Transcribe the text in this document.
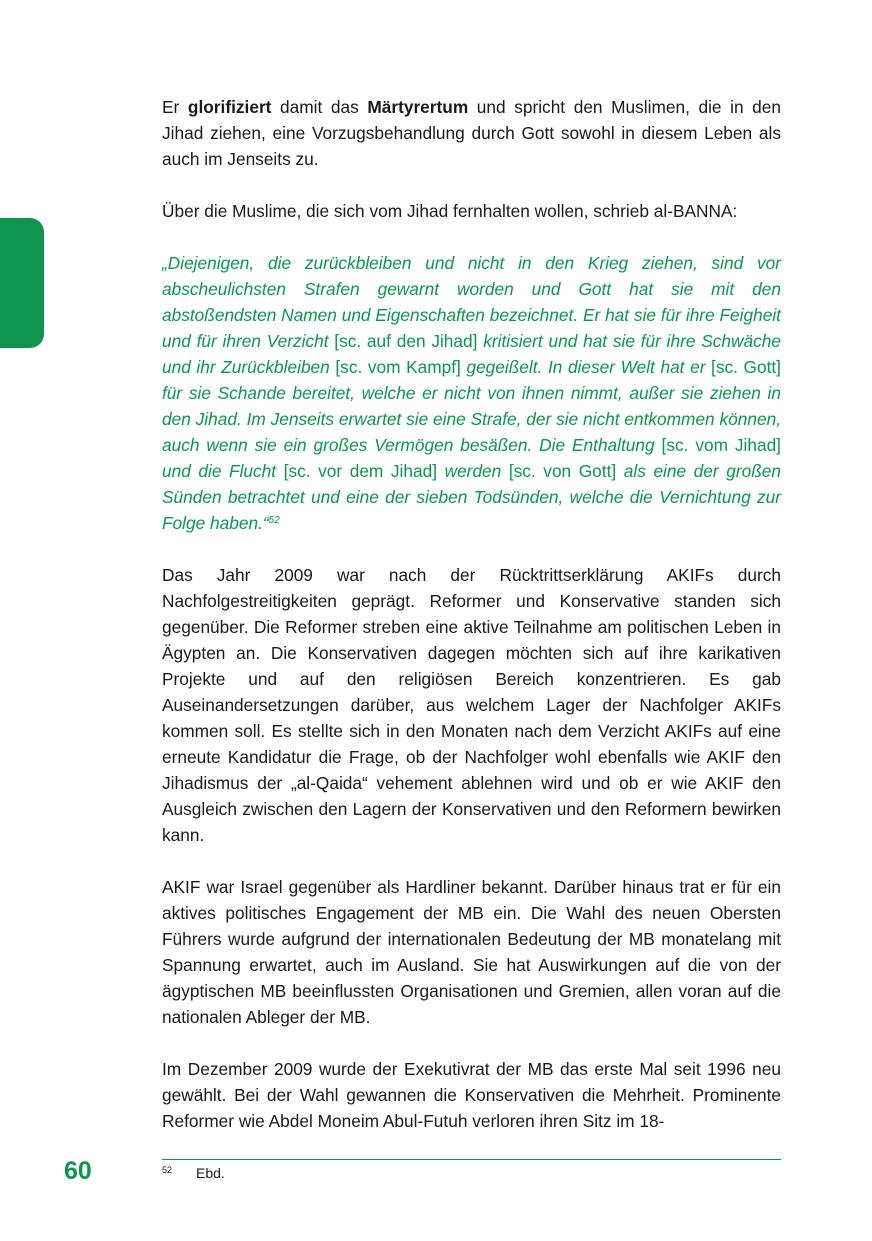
Er glorifiziert damit das Märtyrertum und spricht den Muslimen, die in den Jihad ziehen, eine Vorzugsbehandlung durch Gott sowohl in diesem Leben als auch im Jenseits zu.

Über die Muslime, die sich vom Jihad fernhalten wollen, schrieb al-BANNA:

„Diejenigen, die zurückbleiben und nicht in den Krieg ziehen, sind vor abscheulichsten Strafen gewarnt worden und Gott hat sie mit den abstoßendsten Namen und Eigenschaften bezeichnet. Er hat sie für ihre Feigheit und für ihren Verzicht [sc. auf den Jihad] kritisiert und hat sie für ihre Schwäche und ihr Zurückbleiben [sc. vom Kampf] gegeißelt. In dieser Welt hat er [sc. Gott] für sie Schande bereitet, welche er nicht von ihnen nimmt, außer sie ziehen in den Jihad. Im Jenseits erwartet sie eine Strafe, der sie nicht entkommen können, auch wenn sie ein großes Vermögen besäßen. Die Enthaltung [sc. vom Jihad] und die Flucht [sc. vor dem Jihad] werden [sc. von Gott] als eine der großen Sünden betrachtet und eine der sieben Todsünden, welche die Vernichtung zur Folge haben.“$^{52}$

Das Jahr 2009 war nach der Rücktrittserklärung AKIFs durch Nachfolgestreitigkeiten geprägt. Reformer und Konservative standen sich gegenüber. Die Reformer streben eine aktive Teilnahme am politischen Leben in Ägypten an. Die Konservativen dagegen möchten sich auf ihre karikativen Projekte und auf den religiösen Bereich konzentrieren. Es gab Auseinandersetzungen darüber, aus welchem Lager der Nachfolger AKIFs kommen soll. Es stellte sich in den Monaten nach dem Verzicht AKIFs auf eine erneute Kandidatur die Frage, ob der Nachfolger wohl ebenfalls wie AKIF den Jihadismus der „al-Qaida“ vehement ablehnen wird und ob er wie AKIF den Ausgleich zwischen den Lagern der Konservativen und den Reformern bewirken kann.

AKIF war Israel gegenüber als Hardliner bekannt. Darüber hinaus trat er für ein aktives politisches Engagement der MB ein. Die Wahl des neuen Obersten Führers wurde aufgrund der internationalen Bedeutung der MB monatelang mit Spannung erwartet, auch im Ausland. Sie hat Auswirkungen auf die von der ägyptischen MB beeinflussten Organisationen und Gremien, allen voran auf die nationalen Ableger der MB.

Im Dezember 2009 wurde der Exekutivrat der MB das erste Mal seit 1996 neu gewählt. Bei der Wahl gewannen die Konservativen die Mehrheit. Prominente Reformer wie Abdel Moneim Abul-Futuh verloren ihren Sitz im 18-

60	52 Ebd.
